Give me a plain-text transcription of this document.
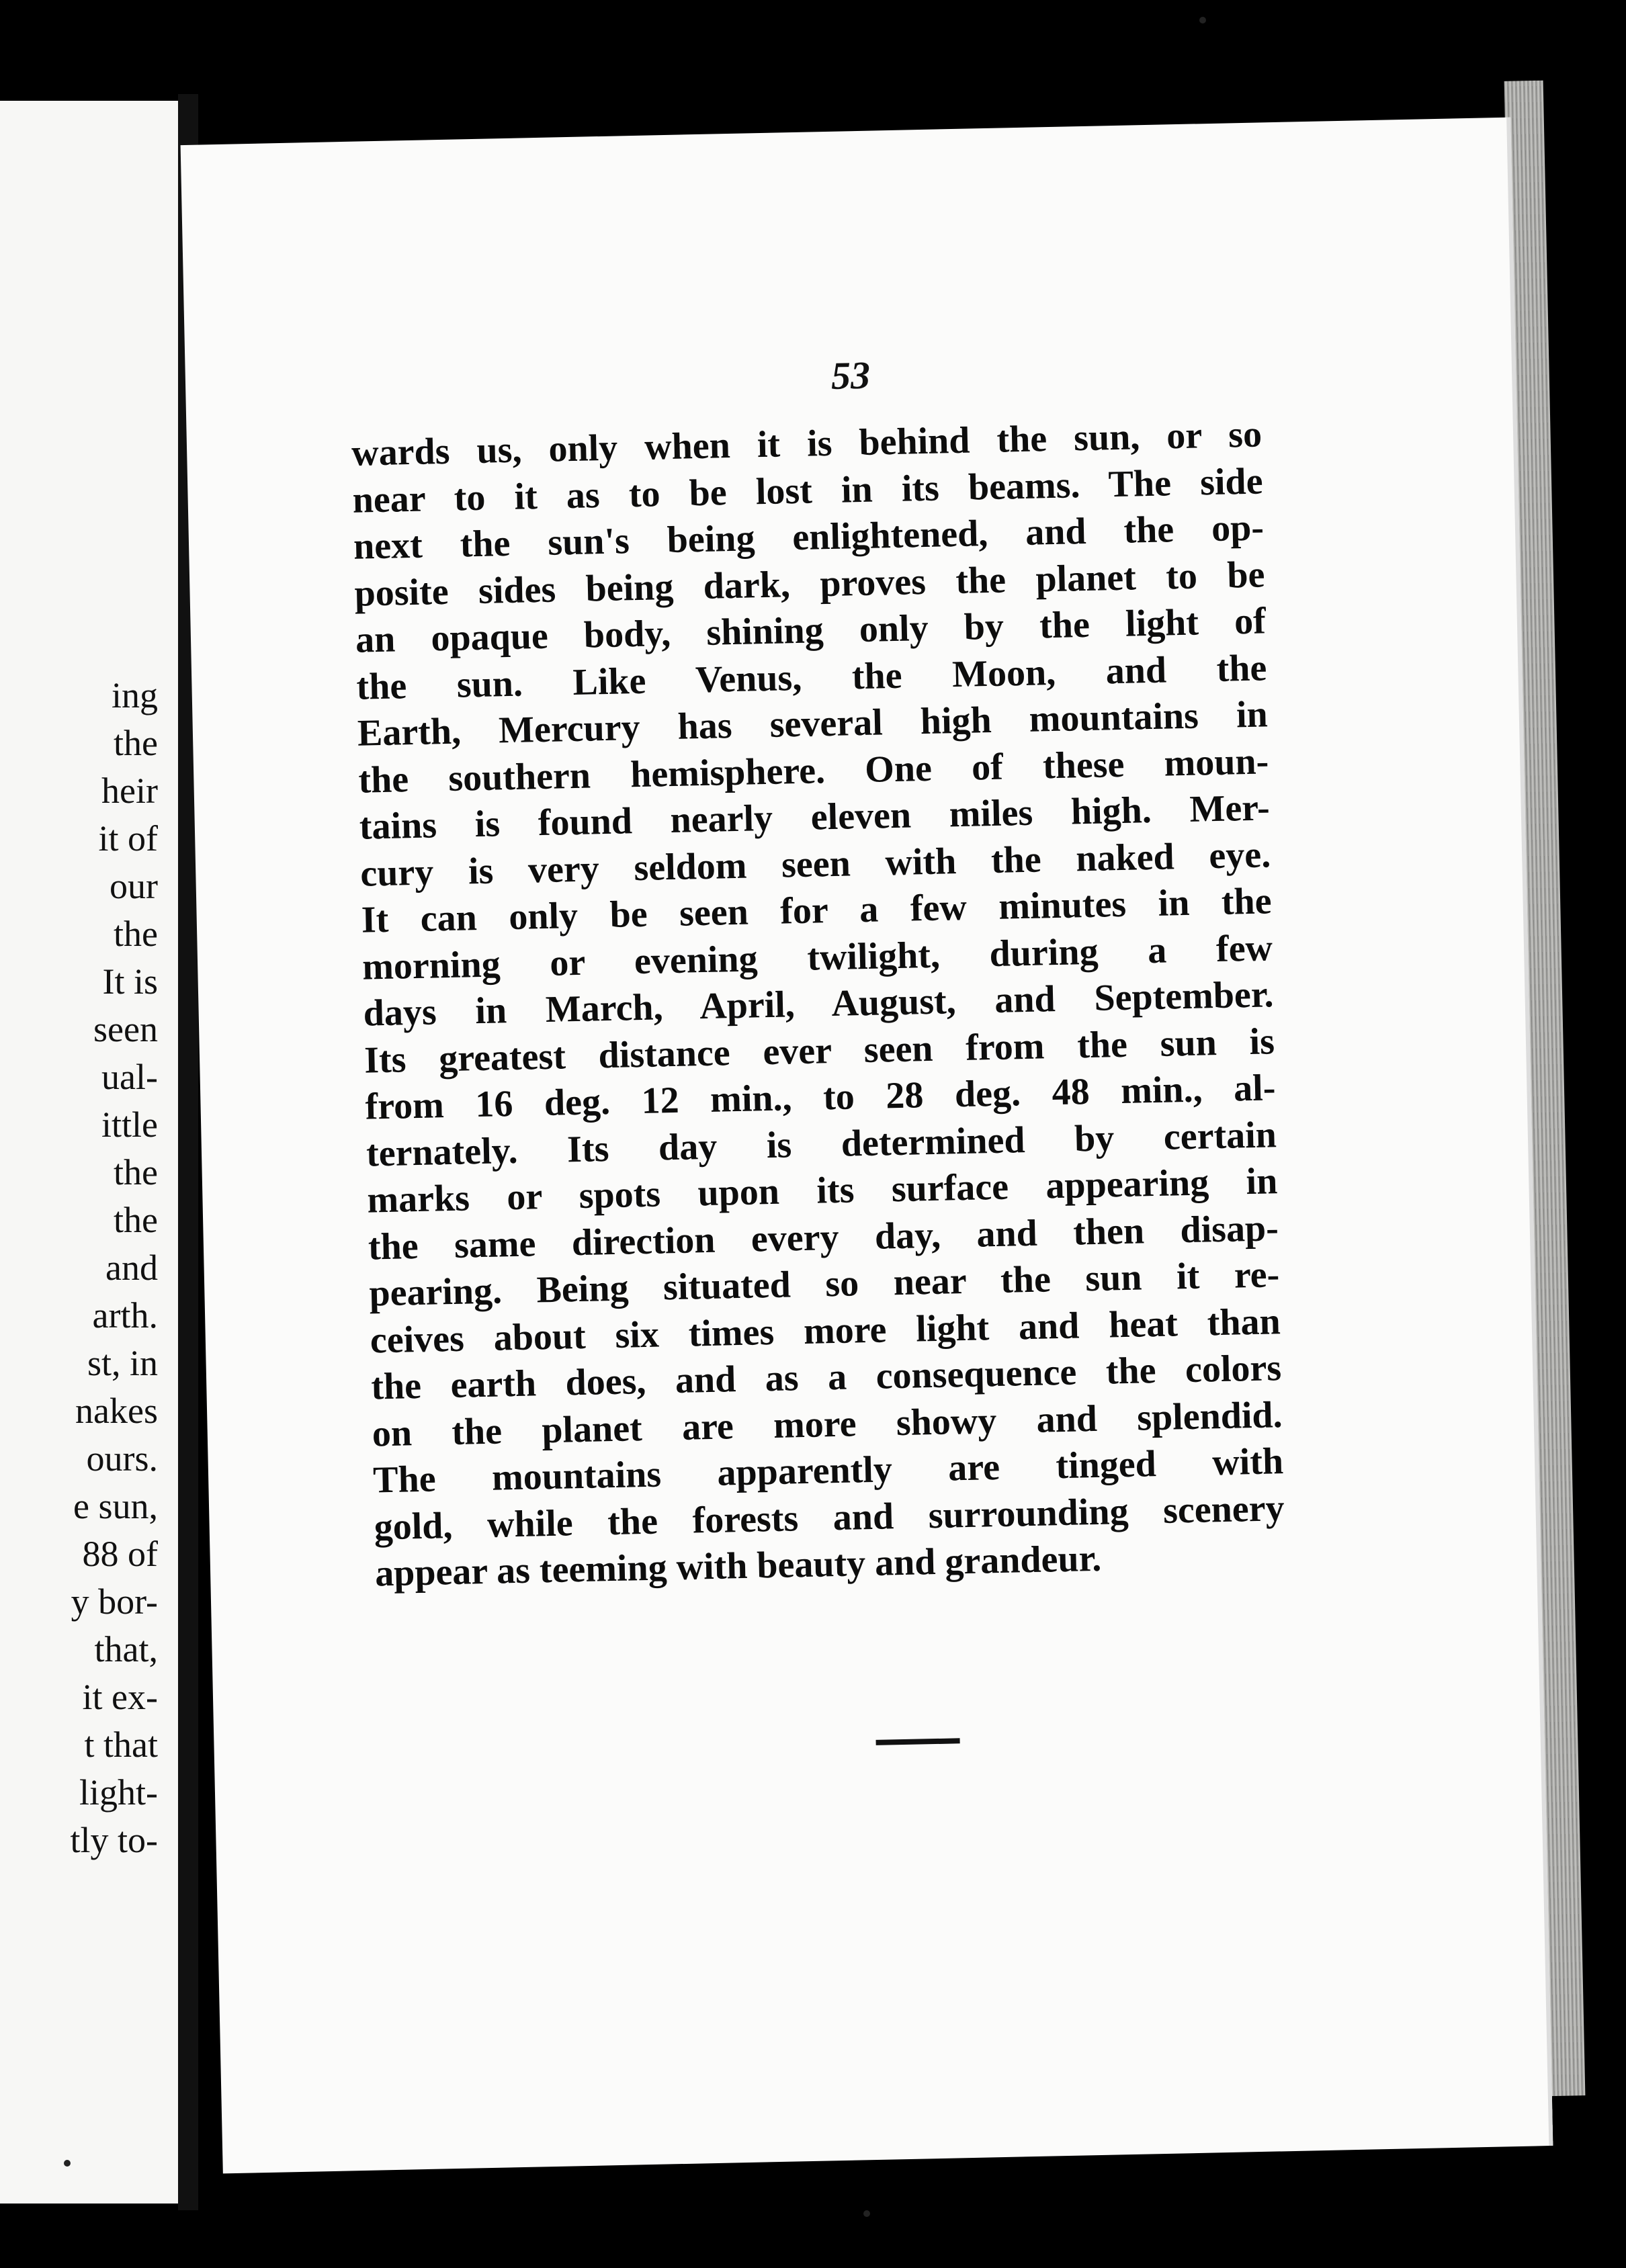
ing
the
heir
it of
our
the
It is
seen
ual-
ittle
the
the
and
arth.
st, in
nakes
ours.
e sun,
88 of
y bor-
that,
it ex-
t that
light-
tly to-

53

wards us, only when it is behind the sun, or so
near to it as to be lost in its beams. The side
next the sun's being enlightened, and the op-
posite sides being dark, proves the planet to be
an opaque body, shining only by the light of
the sun. Like Venus, the Moon, and the
Earth, Mercury has several high mountains in
the southern hemisphere. One of these moun-
tains is found nearly eleven miles high. Mer-
cury is very seldom seen with the naked eye.
It can only be seen for a few minutes in the
morning or evening twilight, during a few
days in March, April, August, and September.
Its greatest distance ever seen from the sun is
from 16 deg. 12 min., to 28 deg. 48 min., al-
ternately. Its day is determined by certain
marks or spots upon its surface appearing in
the same direction every day, and then disap-
pearing. Being situated so near the sun it re-
ceives about six times more light and heat than
the earth does, and as a consequence the colors
on the planet are more showy and splendid.
The mountains apparently are tinged with
gold, while the forests and surrounding scenery
appear as teeming with beauty and grandeur.
